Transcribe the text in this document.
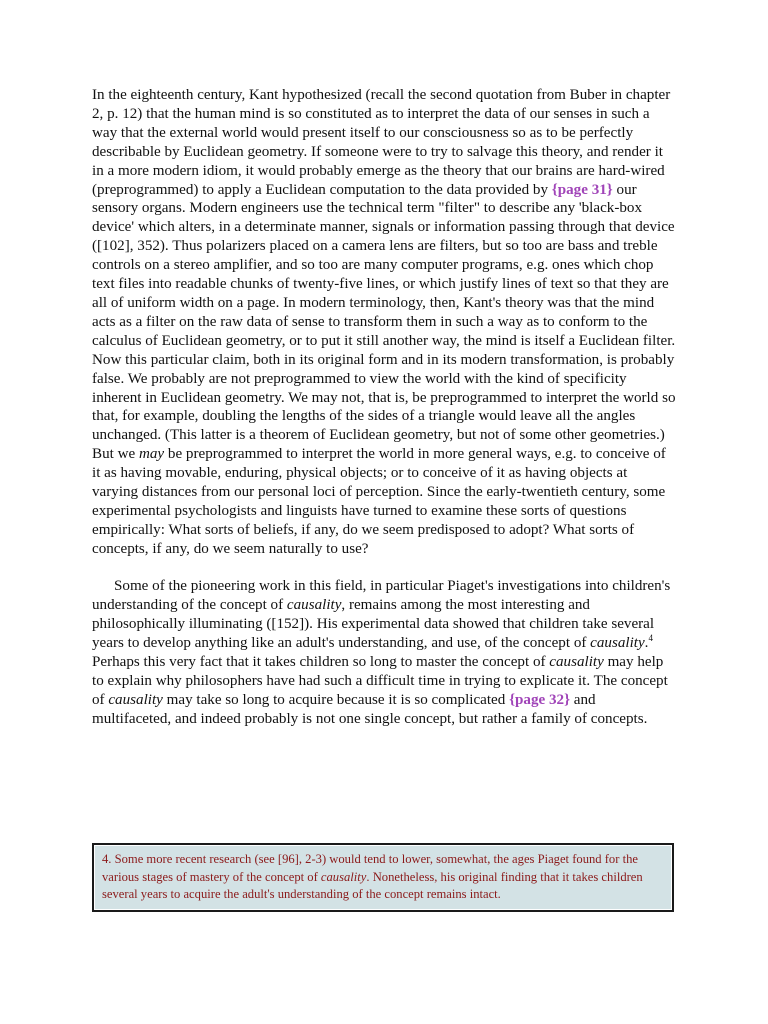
In the eighteenth century, Kant hypothesized (recall the second quotation from Buber in chapter 2, p. 12) that the human mind is so constituted as to interpret the data of our senses in such a way that the external world would present itself to our consciousness so as to be perfectly describable by Euclidean geometry. If someone were to try to salvage this theory, and render it in a more modern idiom, it would probably emerge as the theory that our brains are hard-wired (preprogrammed) to apply a Euclidean computation to the data provided by {page 31} our sensory organs. Modern engineers use the technical term "filter" to describe any 'black-box device' which alters, in a determinate manner, signals or information passing through that device ([102], 352). Thus polarizers placed on a camera lens are filters, but so too are bass and treble controls on a stereo amplifier, and so too are many computer programs, e.g. ones which chop text files into readable chunks of twenty-five lines, or which justify lines of text so that they are all of uniform width on a page. In modern terminology, then, Kant's theory was that the mind acts as a filter on the raw data of sense to transform them in such a way as to conform to the calculus of Euclidean geometry, or to put it still another way, the mind is itself a Euclidean filter. Now this particular claim, both in its original form and in its modern transformation, is probably false. We probably are not preprogrammed to view the world with the kind of specificity inherent in Euclidean geometry. We may not, that is, be preprogrammed to interpret the world so that, for example, doubling the lengths of the sides of a triangle would leave all the angles unchanged. (This latter is a theorem of Euclidean geometry, but not of some other geometries.) But we may be preprogrammed to interpret the world in more general ways, e.g. to conceive of it as having movable, enduring, physical objects; or to conceive of it as having objects at varying distances from our personal loci of perception. Since the early-twentieth century, some experimental psychologists and linguists have turned to examine these sorts of questions empirically: What sorts of beliefs, if any, do we seem predisposed to adopt? What sorts of concepts, if any, do we seem naturally to use?

Some of the pioneering work in this field, in particular Piaget's investigations into children's understanding of the concept of causality, remains among the most interesting and philosophically illuminating ([152]). His experimental data showed that children take several years to develop anything like an adult's understanding, and use, of the concept of causality.$^4$ Perhaps this very fact that it takes children so long to master the concept of causality may help to explain why philosophers have had such a difficult time in trying to explicate it. The concept of causality may take so long to acquire because it is so complicated {page 32} and multifaceted, and indeed probably is not one single concept, but rather a family of concepts.

4. Some more recent research (see [96], 2-3) would tend to lower, somewhat, the ages Piaget found for the various stages of mastery of the concept of causality. Nonetheless, his original finding that it takes children several years to acquire the adult's understanding of the concept remains intact.
